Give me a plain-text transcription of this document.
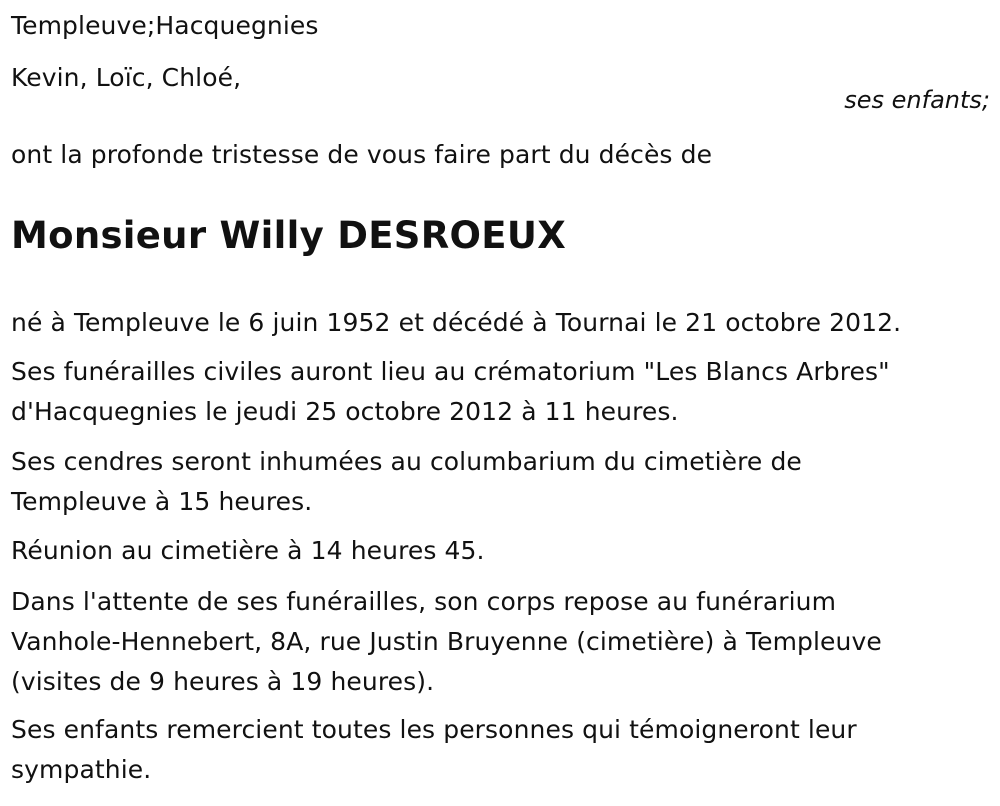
Templeuve;Hacquegnies

Kevin, Loïc, Chloé,

ses enfants;

ont la profonde tristesse de vous faire part du décès de

Monsieur Willy DESROEUX

né à Templeuve le 6 juin 1952 et décédé à Tournai le 21 octobre 2012.

Ses funérailles civiles auront lieu au crématorium "Les Blancs Arbres"
d'Hacquegnies le jeudi 25 octobre 2012 à 11 heures.

Ses cendres seront inhumées au columbarium du cimetière de
Templeuve à 15 heures.

Réunion au cimetière à 14 heures 45.

Dans l'attente de ses funérailles, son corps repose au funérarium
Vanhole-Hennebert, 8A, rue Justin Bruyenne (cimetière) à Templeuve
(visites de 9 heures à 19 heures).

Ses enfants remercient toutes les personnes qui témoigneront leur
sympathie.
